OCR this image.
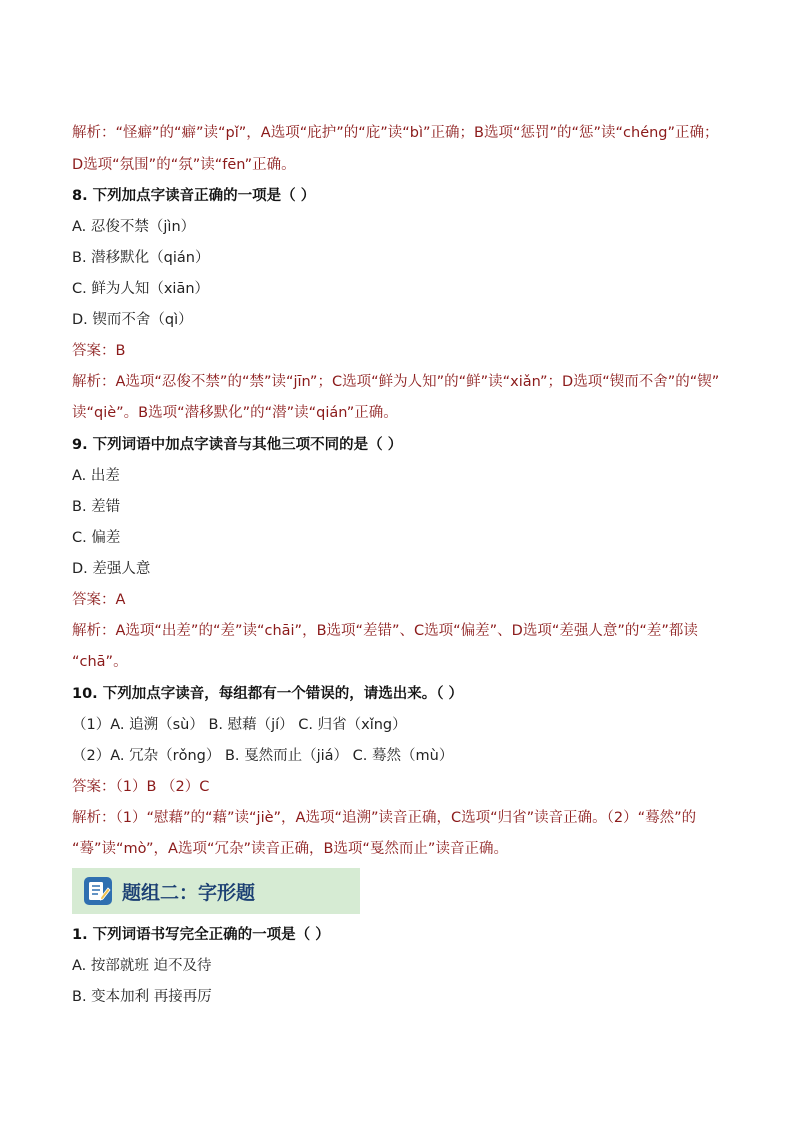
解析：“怪癖”的“癖”读“pǐ”，A选项“庇护”的“庇”读“bì”正确；B选项“惩罚”的“惩”读“chéng”正确；
D选项“氛围”的“氛”读“fēn”正确。
8. 下列加点字读音正确的一项是（ ）
A. 忍俊不禁（jìn）
B. 潜移默化（qián）
C. 鲜为人知（xiān）
D. 锲而不舍（qì）
答案：B
解析：A选项“忍俊不禁”的“禁”读“jīn”；C选项“鲜为人知”的“鲜”读“xiǎn”；D选项“锲而不舍”的“锲”
读“qiè”。B选项“潜移默化”的“潜”读“qián”正确。
9. 下列词语中加点字读音与其他三项不同的是（ ）
A. 出差
B. 差错
C. 偏差
D. 差强人意
答案：A
解析：A选项“出差”的“差”读“chāi”，B选项“差错”、C选项“偏差”、D选项“差强人意”的“差”都读
“chā”。
10. 下列加点字读音，每组都有一个错误的，请选出来。（ ）
（1）A. 追溯（sù） B. 慰藉（jí） C. 归省（xǐng）
（2）A. 冗杂（rǒng） B. 戛然而止（jiá） C. 蓦然（mù）
答案：（1）B （2）C
解析：（1）“慰藉”的“藉”读“jiè”，A选项“追溯”读音正确，C选项“归省”读音正确。（2）“蓦然”的
“蓦”读“mò”，A选项“冗杂”读音正确，B选项“戛然而止”读音正确。
题组二：字形题
1. 下列词语书写完全正确的一项是（ ）
A. 按部就班 迫不及待
B. 变本加利 再接再厉
